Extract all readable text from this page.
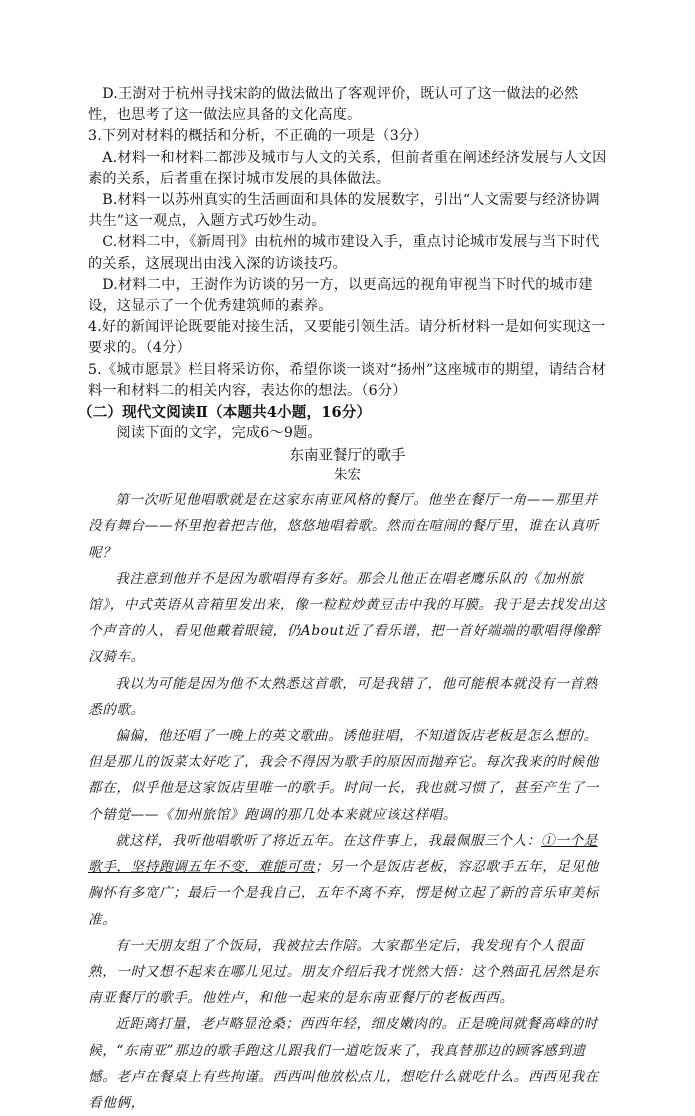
D.王澍对于杭州寻找宋韵的做法做出了客观评价，既认可了这一做法的必然性，也思考了这一做法应具备的文化高度。

3.下列对材料的概括和分析，不正确的一项是（3分）

A.材料一和材料二都涉及城市与人文的关系，但前者重在阐述经济发展与人文因素的关系，后者重在探讨城市发展的具体做法。

B.材料一以苏州真实的生活画面和具体的发展数字，引出“人文需要与经济协调共生”这一观点，入题方式巧妙生动。

C.材料二中，《新周刊》由杭州的城市建设入手，重点讨论城市发展与当下时代的关系，这展现出由浅入深的访谈技巧。

D.材料二中，王澍作为访谈的另一方，以更高远的视角审视当下时代的城市建设，这显示了一个优秀建筑师的素养。

4.好的新闻评论既要能对接生活，又要能引领生活。请分析材料一是如何实现这一要求的。（4分）

5.《城市愿景》栏目将采访你，希望你谈一谈对“扬州”这座城市的期望，请结合材料一和材料二的相关内容，表达你的想法。（6分）

（二）现代文阅读Ⅱ（本题共4小题，16分）

阅读下面的文字，完成6～9题。

东南亚餐厅的歌手

朱宏

第一次听见他唱歌就是在这家东南亚风格的餐厅。他坐在餐厅一角——那里并没有舞台——怀里抱着把吉他，悠悠地唱着歌。然而在喧闹的餐厅里，谁在认真听呢？

我注意到他并不是因为歌唱得有多好。那会儿他正在唱老鹰乐队的《加州旅馆》，中式英语从音箱里发出来，像一粒粒炒黄豆击中我的耳膜。我于是去找发出这个声音的人，看见他戴着眼镜，仍About近了看乐谱，把一首好端端的歌唱得像醉汉骑车。

我以为可能是因为他不太熟悉这首歌，可是我错了，他可能根本就没有一首熟悉的歌。

偏偏，他还唱了一晚上的英文歌曲。诱他驻唱，不知道饭店老板是怎么想的。但是那儿的饭菜太好吃了，我会不得因为歌手的原因而抛弃它。每次我来的时候他都在，似乎他是这家饭店里唯一的歌手。时间一长，我也就习惯了，甚至产生了一个错觉——《加州旅馆》跑调的那几处本来就应该这样唱。

就这样，我听他唱歌听了将近五年。在这件事上，我最佩服三个人：①一个是歌手，坚持跑调五年不变，难能可贵；另一个是饭店老板，容忍歌手五年，足见他胸怀有多宽广；最后一个是我自己，五年不离不弃，愣是树立起了新的音乐审美标准。

有一天朋友组了个饭局，我被拉去作陪。大家都坐定后，我发现有个人很面熟，一时又想不起来在哪儿见过。朋友介绍后我才恍然大悟：这个熟面孔居然是东南亚餐厅的歌手。他姓卢，和他一起来的是东南亚餐厅的老板西西。

近距离打量，老卢略显沧桑；西西年轻，细皮嫩肉的。正是晚间就餐高峰的时候，“东南亚”那边的歌手跑这儿跟我们一道吃饭来了，我真替那边的顾客感到遗憾。老卢在餐桌上有些拘谨。西西叫他放松点儿，想吃什么就吃什么。西西见我在看他俩，
